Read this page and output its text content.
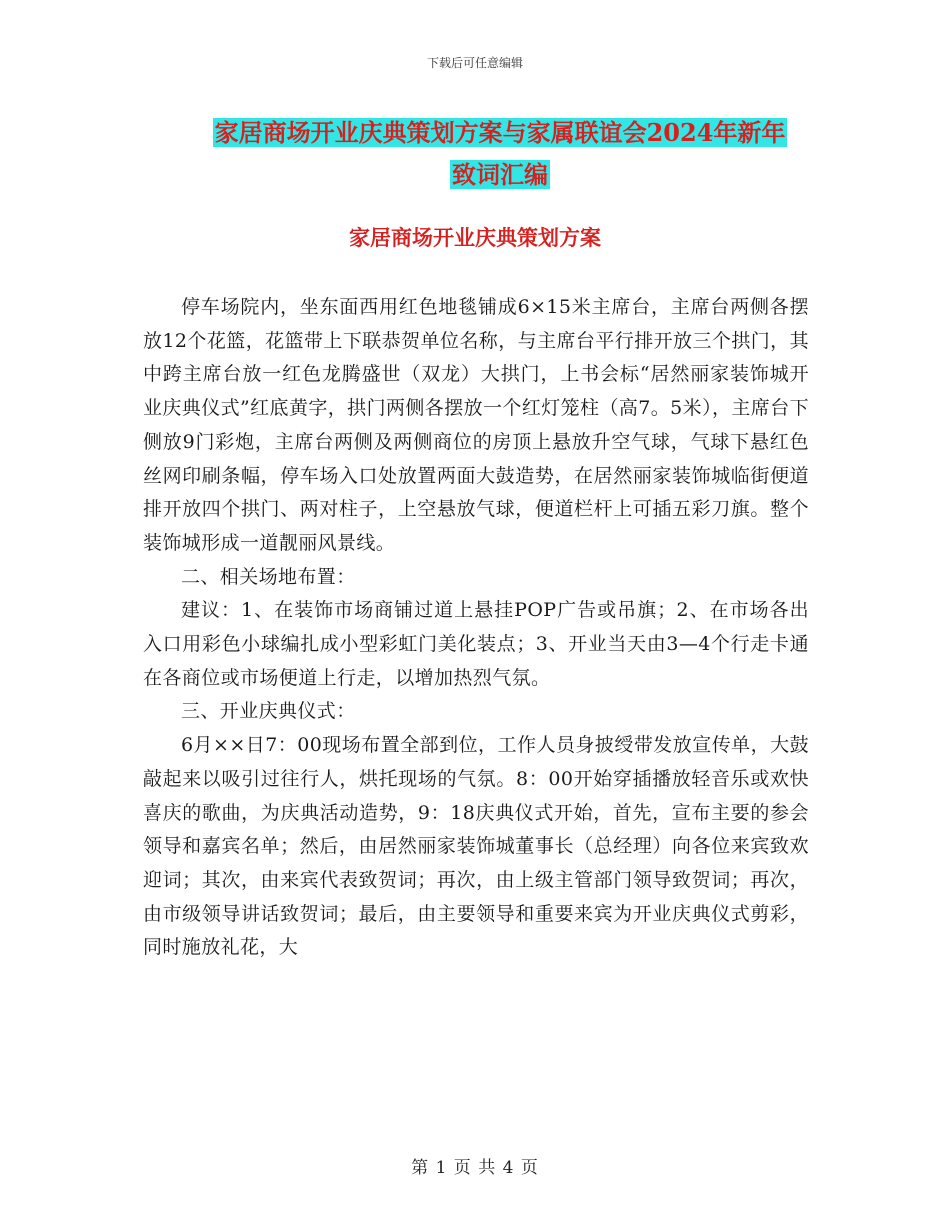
下载后可任意编辑
家居商场开业庆典策划方案与家属联谊会2024年新年
致词汇编
家居商场开业庆典策划方案

停车场院内，坐东面西用红色地毯铺成6×15米主席台，主席台两侧各摆放12个花篮，花篮带上下联恭贺单位名称，与主席台平行排开放三个拱门，其中跨主席台放一红色龙腾盛世（双龙）大拱门，上书会标“居然丽家装饰城开业庆典仪式”红底黄字，拱门两侧各摆放一个红灯笼柱（高7。5米），主席台下侧放9门彩炮，主席台两侧及两侧商位的房顶上悬放升空气球，气球下悬红色丝网印刷条幅，停车场入口处放置两面大鼓造势，在居然丽家装饰城临街便道排开放四个拱门、两对柱子，上空悬放气球，便道栏杆上可插五彩刀旗。整个装饰城形成一道靓丽风景线。

二、相关场地布置：

建议：1、在装饰市场商铺过道上悬挂POP广告或吊旗；2、在市场各出入口用彩色小球编扎成小型彩虹门美化装点；3、开业当天由3—4个行走卡通在各商位或市场便道上行走，以增加热烈气氛。

三、开业庆典仪式：

6月××日7：00现场布置全部到位，工作人员身披绶带发放宣传单，大鼓敲起来以吸引过往行人，烘托现场的气氛。8：00开始穿插播放轻音乐或欢快喜庆的歌曲，为庆典活动造势，9：18庆典仪式开始，首先，宣布主要的参会领导和嘉宾名单；然后，由居然丽家装饰城董事长（总经理）向各位来宾致欢迎词；其次，由来宾代表致贺词；再次，由上级主管部门领导致贺词；再次，由市级领导讲话致贺词；最后，由主要领导和重要来宾为开业庆典仪式剪彩，同时施放礼花，大

第 1 页 共 4 页
